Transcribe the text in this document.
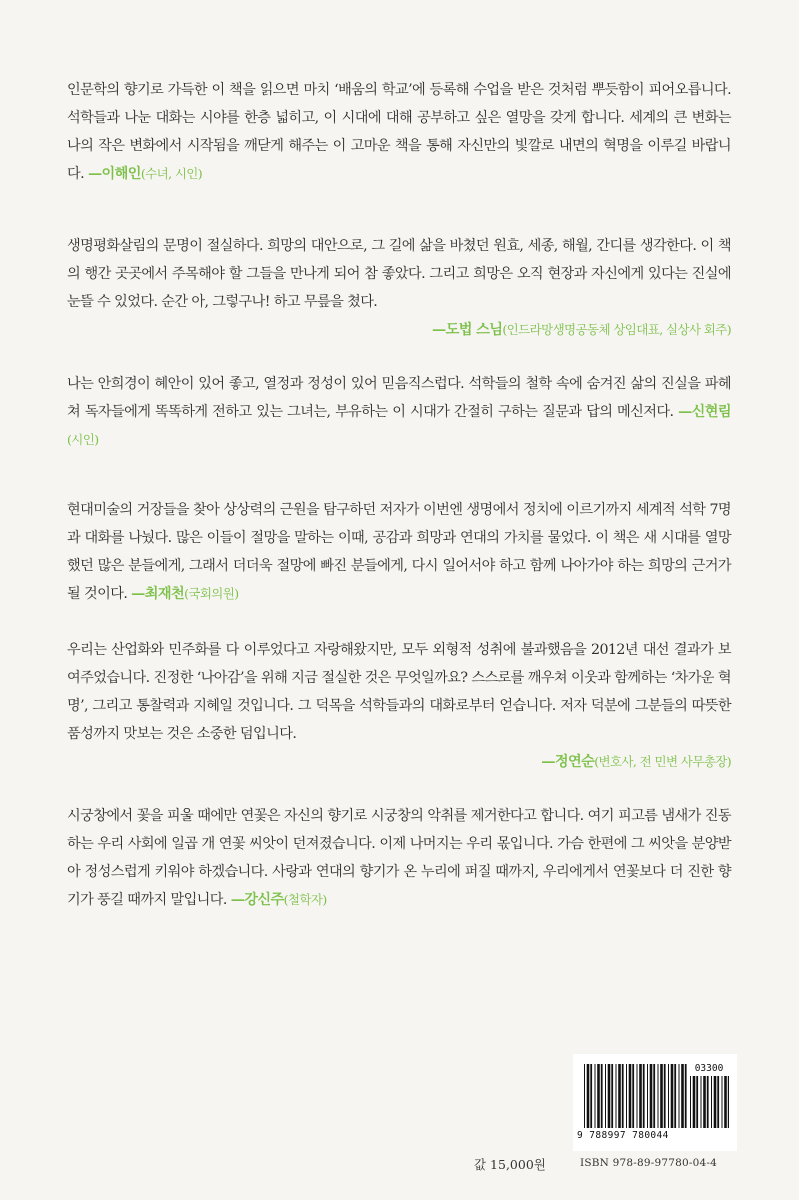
인문학의 향기로 가득한 이 책을 읽으면 마치 ‘배움의 학교’에 등록해 수업을 받은 것처럼 뿌듯함이 피어오릅니다. 석학들과 나눈 대화는 시야를 한층 넓히고, 이 시대에 대해 공부하고 싶은 열망을 갖게 합니다. 세계의 큰 변화는 나의 작은 변화에서 시작됨을 깨닫게 해주는 이 고마운 책을 통해 자신만의 빛깔로 내면의 혁명을 이루길 바랍니다. —이해인(수녀, 시인)

생명평화살림의 문명이 절실하다. 희망의 대안으로, 그 길에 삶을 바쳤던 원효, 세종, 해월, 간디를 생각한다. 이 책의 행간 곳곳에서 주목해야 할 그들을 만나게 되어 참 좋았다. 그리고 희망은 오직 현장과 자신에게 있다는 진실에 눈뜰 수 있었다. 순간 아, 그렇구나! 하고 무릎을 쳤다.
—도법 스님(인드라망생명공동체 상임대표, 실상사 회주)

나는 안희경이 혜안이 있어 좋고, 열정과 정성이 있어 믿음직스럽다. 석학들의 철학 속에 숨겨진 삶의 진실을 파헤쳐 독자들에게 똑똑하게 전하고 있는 그녀는, 부유하는 이 시대가 간절히 구하는 질문과 답의 메신저다. —신현림(시인)

현대미술의 거장들을 찾아 상상력의 근원을 탐구하던 저자가 이번엔 생명에서 정치에 이르기까지 세계적 석학 7명과 대화를 나눴다. 많은 이들이 절망을 말하는 이때, 공감과 희망과 연대의 가치를 물었다. 이 책은 새 시대를 열망했던 많은 분들에게, 그래서 더더욱 절망에 빠진 분들에게, 다시 일어서야 하고 함께 나아가야 하는 희망의 근거가 될 것이다. —최재천(국회의원)

우리는 산업화와 민주화를 다 이루었다고 자랑해왔지만, 모두 외형적 성취에 불과했음을 2012년 대선 결과가 보여주었습니다. 진정한 ‘나아감’을 위해 지금 절실한 것은 무엇일까요? 스스로를 깨우쳐 이웃과 함께하는 ‘차가운 혁명’, 그리고 통찰력과 지혜일 것입니다. 그 덕목을 석학들과의 대화로부터 얻습니다. 저자 덕분에 그분들의 따뜻한 품성까지 맛보는 것은 소중한 덤입니다.
—정연순(변호사, 전 민변 사무총장)

시궁창에서 꽃을 피울 때에만 연꽃은 자신의 향기로 시궁창의 악취를 제거한다고 합니다. 여기 피고름 냄새가 진동하는 우리 사회에 일곱 개 연꽃 씨앗이 던져졌습니다. 이제 나머지는 우리 몫입니다. 가슴 한편에 그 씨앗을 분양받아 정성스럽게 키워야 하겠습니다. 사랑과 연대의 향기가 온 누리에 퍼질 때까지, 우리에게서 연꽃보다 더 진한 향기가 풍길 때까지 말입니다. —강신주(철학자)

03300
9 788997 780044
값 15,000원	ISBN 978-89-97780-04-4
